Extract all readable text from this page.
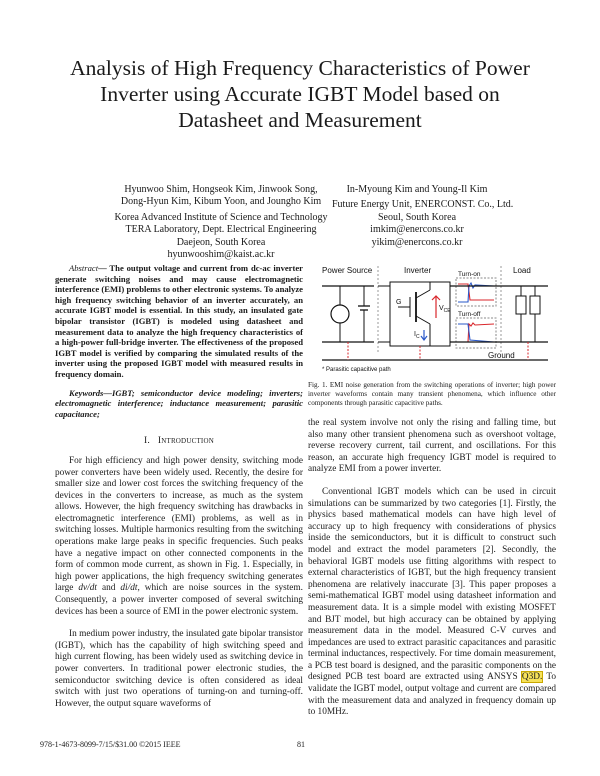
Analysis of High Frequency Characteristics of Power
Inverter using Accurate IGBT Model based on
Datasheet and Measurement
Hyunwoo Shim, Hongseok Kim, Jinwook Song,
Dong-Hyun Kim, Kibum Yoon, and Joungho Kim
Korea Advanced Institute of Science and Technology
TERA Laboratory, Dept. Electrical Engineering
Daejeon, South Korea
hyunwooshim@kaist.ac.kr
In-Myoung Kim and Young-Il Kim
Future Energy Unit, ENERCONST. Co., Ltd.
Seoul, South Korea
imkim@enercons.co.kr
yikim@enercons.co.kr
Abstract— The output voltage and current from dc-ac inverter generate switching noises and may cause electromagnetic interference (EMI) problems to other electronic systems. To analyze high frequency switching behavior of an inverter accurately, an accurate IGBT model is essential. In this study, an insulated gate bipolar transistor (IGBT) is modeled using datasheet and measurement data to analyze the high frequency characteristics of a high-power full-bridge inverter. The effectiveness of the proposed IGBT model is verified by comparing the simulated results of the inverter using the proposed IGBT model with measured results in frequency domain.
Keywords—IGBT; semiconductor device modeling; inverters; electromagnetic interference; inductance measurement; parasitic capacitance;
I. Introduction

For high efficiency and high power density, switching mode power converters have been widely used. Recently, the desire for smaller size and lower cost forces the switching frequency of the devices in the converters to increase, as much as the system allows. However, the high frequency switching has drawbacks in electromagnetic interference (EMI) problems, as well as in switching losses. Multiple harmonics resulting from the switching operations make large peaks in specific frequencies. Such peaks have a negative impact on other connected components in the form of common mode current, as shown in Fig. 1. Especially, in high power applications, the high frequency switching generates large dv/dt and di/dt, which are noise sources in the system. Consequently, a power inverter composed of several switching devices has been a source of EMI in the power electronic system.

In medium power industry, the insulated gate bipolar transistor (IGBT), which has the capability of high switching speed and high current flowing, has been widely used as switching device in power converters. In traditional power electronic studies, the semiconductor switching device is often considered as ideal switch with just two operations of turning-on and turning-off. However, the output square waveforms of

Power Source	Inverter	Load
G
$V_{CE}$
$I_C$
Turn-on
Turn-off
Ground
* Parasitic capacitive path
Fig. 1. EMI noise generation from the switching operations of inverter; high power inverter waveforms contain many transient phenomena, which influence other components through parasitic capacitive paths.

the real system involve not only the rising and falling time, but also many other transient phenomena such as overshoot voltage, reverse recovery current, tail current, and oscillations. For this reason, an accurate high frequency IGBT model is required to analyze EMI from a power inverter.

Conventional IGBT models which can be used in circuit simulations can be summarized by two categories [1]. Firstly, the physics based mathematical models can have high level of accuracy up to high frequency with considerations of physics inside the semiconductors, but it is difficult to construct such model and extract the model parameters [2]. Secondly, the behavioral IGBT models use fitting algorithms with respect to external characteristics of IGBT, but the high frequency transient phenomena are relatively inaccurate [3]. This paper proposes a semi-mathematical IGBT model using datasheet information and measurement data. It is a simple model with existing MOSFET and BJT model, but high accuracy can be obtained by applying measurement data in the model. Measured C-V curves and impedances are used to extract parasitic capacitances and parasitic terminal inductances, respectively. For time domain measurement, a PCB test board is designed, and the parasitic components on the designed PCB test board are extracted using ANSYS Q3D. To validate the IGBT model, output voltage and current are compared with the measurement data and analyzed in frequency domain up to 10MHz.

978-1-4673-8099-7/15/$31.00 ©2015 IEEE	81
